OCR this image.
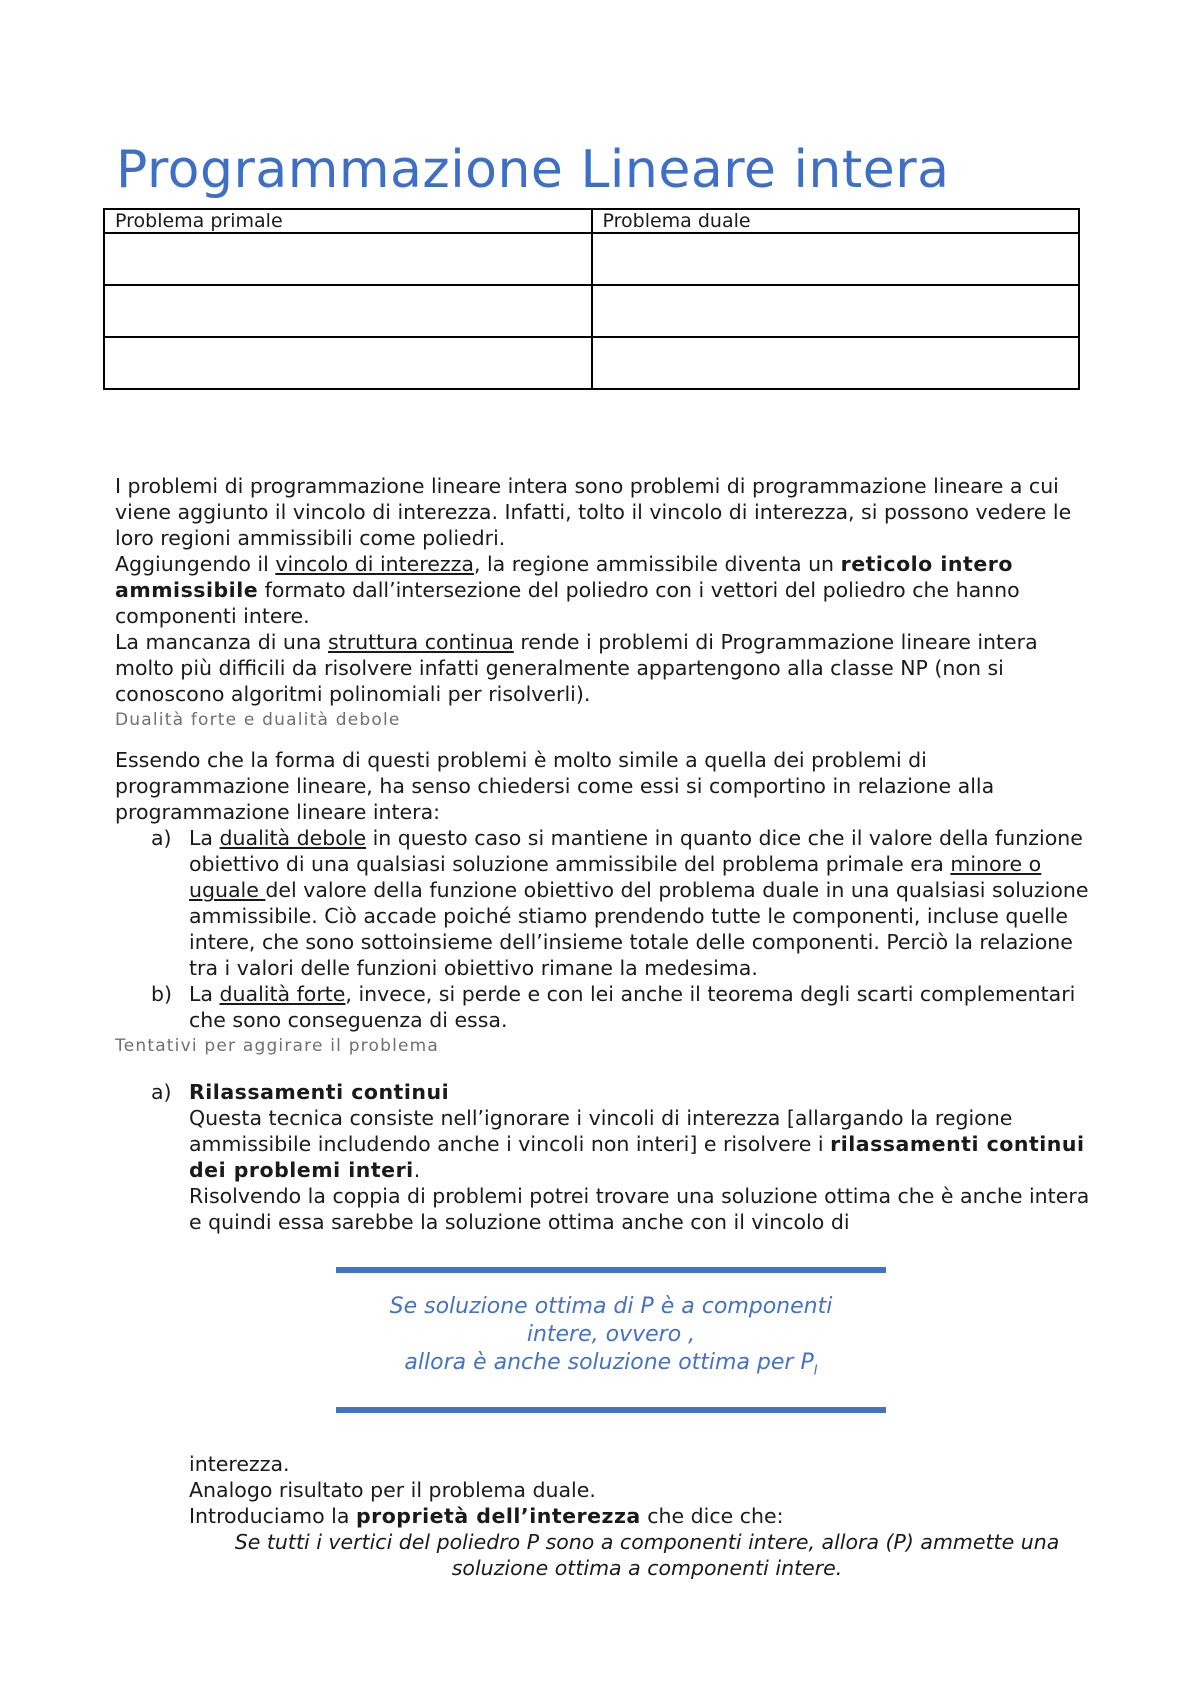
Programmazione Lineare intera
Problema primale	Problema duale

I problemi di programmazione lineare intera sono problemi di programmazione lineare a cui viene aggiunto il vincolo di interezza. Infatti, tolto il vincolo di interezza, si possono vedere le loro regioni ammissibili come poliedri.

Aggiungendo il vincolo di interezza, la regione ammissibile diventa un reticolo intero ammissibile formato dall’intersezione del poliedro con i vettori del poliedro che hanno componenti intere.

La mancanza di una struttura continua rende i problemi di Programmazione lineare intera molto più difficili da risolvere infatti generalmente appartengono alla classe NP (non si conoscono algoritmi polinomiali per risolverli).

Dualità forte e dualità debole

Essendo che la forma di questi problemi è molto simile a quella dei problemi di programmazione lineare, ha senso chiedersi come essi si comportino in relazione alla programmazione lineare intera:

a) La dualità debole in questo caso si mantiene in quanto dice che il valore della funzione obiettivo di una qualsiasi soluzione ammissibile del problema primale era minore o uguale del valore della funzione obiettivo del problema duale in una qualsiasi soluzione ammissibile. Ciò accade poiché stiamo prendendo tutte le componenti, incluse quelle intere, che sono sottoinsieme dell’insieme totale delle componenti. Perciò la relazione tra i valori delle funzioni obiettivo rimane la medesima.
b) La dualità forte, invece, si perde e con lei anche il teorema degli scarti complementari che sono conseguenza di essa.

Tentativi per aggirare il problema

a) Rilassamenti continui
Questa tecnica consiste nell’ignorare i vincoli di interezza [allargando la regione ammissibile includendo anche i vincoli non interi] e risolvere i rilassamenti continui dei problemi interi.
Risolvendo la coppia di problemi potrei trovare una soluzione ottima che è anche intera e quindi essa sarebbe la soluzione ottima anche con il vincolo di
Se soluzione ottima di P è a componenti
intere, ovvero ,
allora è anche soluzione ottima per $P_I$
interezza.
Analogo risultato per il problema duale.
Introduciamo la proprietà dell’interezza che dice che:
Se tutti i vertici del poliedro P sono a componenti intere, allora (P) ammette una soluzione ottima a componenti intere.
